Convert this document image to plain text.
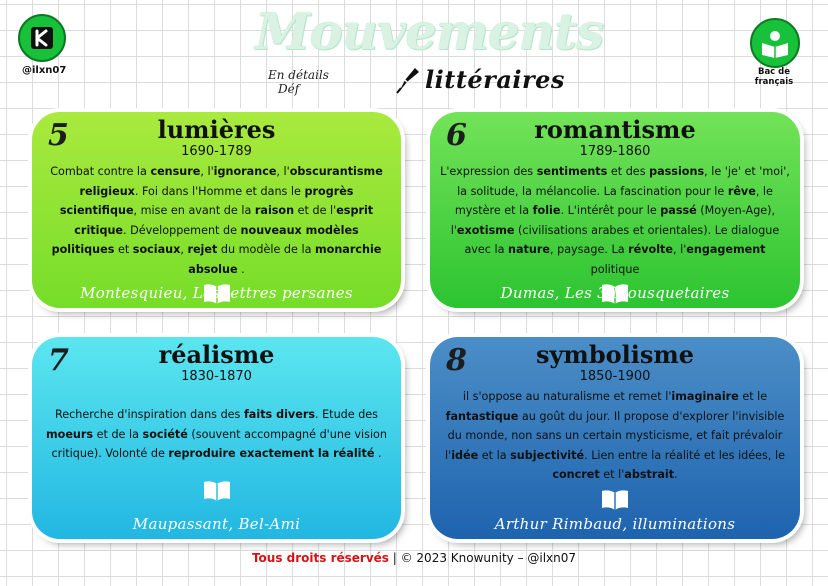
@ilxn07
Mouvements
En détails
Déf	littéraires	Bac de français
5	lumières
1690-1789
Combat contre la censure, l'ignorance, l'obscurantisme religieux. Foi dans l'Homme et dans le progrès scientifique, mise en avant de la raison et de l'esprit critique. Développement de nouveaux modèles politiques et sociaux, rejet du modèle de la monarchie absolue .
Montesquieu, Les lettres persanes
6	romantisme
1789-1860
L'expression des sentiments et des passions, le 'je' et 'moi', la solitude, la mélancolie. La fascination pour le rêve, le mystère et la folie. L'intérêt pour le passé (Moyen-Age), l'exotisme (civilisations arabes et orientales). Le dialogue avec la nature, paysage. La révolte, l'engagement politique
Dumas, Les 3 Mousquetaires
7	réalisme
1830-1870
Recherche d'inspiration dans des faits divers. Etude des moeurs et de la société (souvent accompagné d'une vision critique). Volonté de reproduire exactement la réalité .
Maupassant, Bel-Ami
8	symbolisme
1850-1900
il s'oppose au naturalisme et remet l'imaginaire et le fantastique au goût du jour. Il propose d'explorer l'invisible du monde, non sans un certain mysticisme, et fait prévaloir l'idée et la subjectivité. Lien entre la réalité et les idées, le concret et l'abstrait.
Arthur Rimbaud, illuminations
Tous droits réservés | © 2023 Knowunity – @ilxn07
